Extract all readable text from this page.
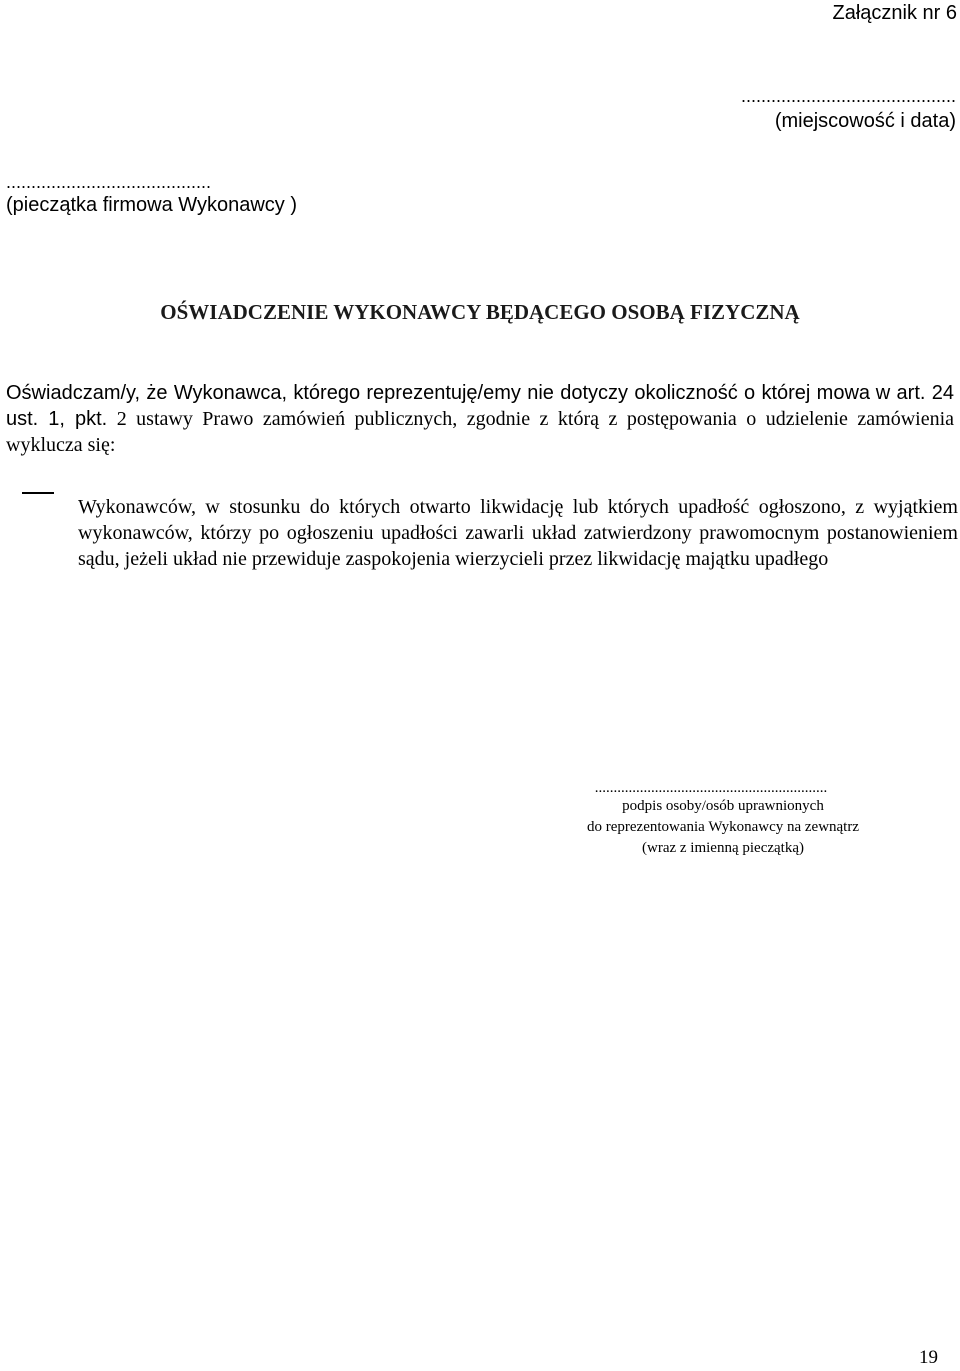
Załącznik nr 6
...........................................
(miejscowość i data)
.........................................
(pieczątka firmowa Wykonawcy )
OŚWIADCZENIE WYKONAWCY BĘDĄCEGO OSOBĄ FIZYCZNĄ
Oświadczam/y, że Wykonawca, którego reprezentuję/emy nie dotyczy okoliczność o której mowa w art. 24 ust. 1, pkt. 2 ustawy Prawo zamówień publicznych, zgodnie z którą z postępowania o udzielenie zamówienia wyklucza się:
Wykonawców, w stosunku do których otwarto likwidację lub których upadłość ogłoszono, z wyjątkiem wykonawców, którzy po ogłoszeniu upadłości zawarli układ zatwierdzony prawomocnym postanowieniem sądu, jeżeli układ nie przewiduje zaspokojenia wierzycieli przez likwidację majątku upadłego
..............................................................
podpis osoby/osób uprawnionych
do reprezentowania Wykonawcy na zewnątrz
(wraz z imienną pieczątką)
19
